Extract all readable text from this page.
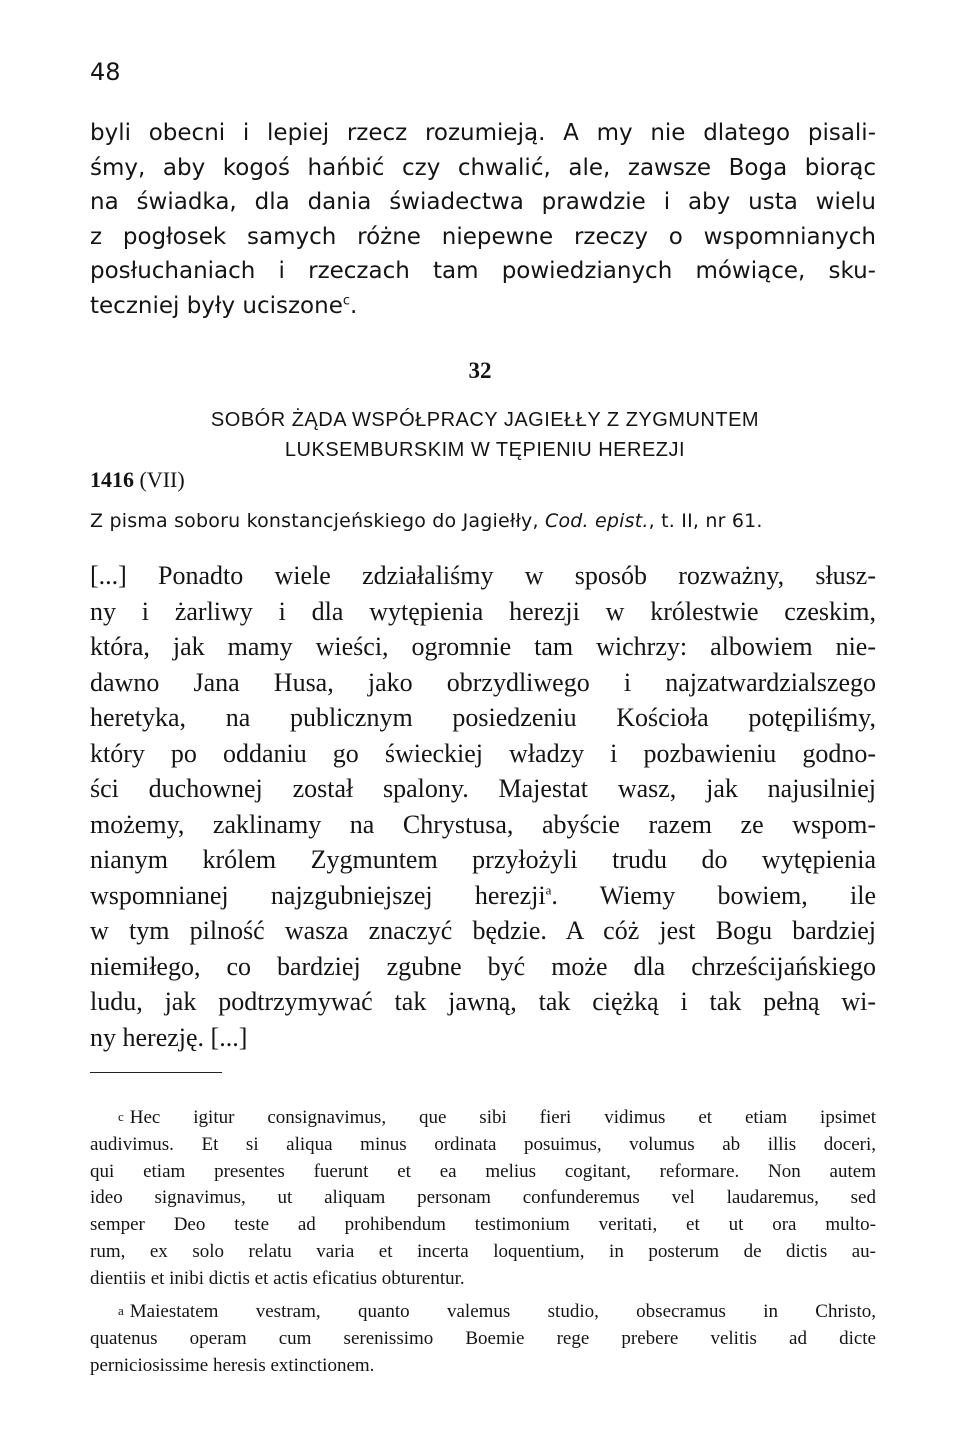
48
byli obecni i lepiej rzecz rozumieją. A my nie dlatego pisali-
śmy, aby kogoś hańbić czy chwalić, ale, zawsze Boga biorąc
na świadka, dla dania świadectwa prawdzie i aby usta wielu
z pogłosek samych różne niepewne rzeczy o wspomnianych
posłuchaniach i rzeczach tam powiedzianych mówiące, sku-
teczniej były uciszone$^c$.
32
SOBÓR ŻĄDA WSPÓŁPRACY JAGIEŁŁY Z ZYGMUNTEM
LUKSEMBURSKIM W TĘPIENIU HEREZJI
1416 (VII)
Z pisma soboru konstancjeńskiego do Jagiełły, Cod. epist., t. II, nr 61.
[...] Ponadto wiele zdziałaliśmy w sposób rozważny, słusz-
ny i żarliwy i dla wytępienia herezji w królestwie czeskim,
która, jak mamy wieści, ogromnie tam wichrzy: albowiem nie-
dawno Jana Husa, jako obrzydliwego i najzatwardzialszego
heretyka, na publicznym posiedzeniu Kościoła potępiliśmy,
który po oddaniu go świeckiej władzy i pozbawieniu godno-
ści duchownej został spalony. Majestat wasz, jak najusilniej
możemy, zaklinamy na Chrystusa, abyście razem ze wspom-
nianym królem Zygmuntem przyłożyli trudu do wytępienia
wspomnianej najzgubniejszej herezji$^a$. Wiemy bowiem, ile
w tym pilność wasza znaczyć będzie. A cóż jest Bogu bardziej
niemiłego, co bardziej zgubne być może dla chrześcijańskiego
ludu, jak podtrzymywać tak jawną, tak ciężką i tak pełną wi-
ny herezję. [...]
c Hec igitur consignavimus, que sibi fieri vidimus et etiam ipsimet
audivimus. Et si aliqua minus ordinata posuimus, volumus ab illis doceri,
qui etiam presentes fuerunt et ea melius cogitant, reformare. Non autem
ideo signavimus, ut aliquam personam confunderemus vel laudaremus, sed
semper Deo teste ad prohibendum testimonium veritati, et ut ora multo-
rum, ex solo relatu varia et incerta loquentium, in posterum de dictis au-
dientiis et inibi dictis et actis eficatius obturentur.
a Maiestatem vestram, quanto valemus studio, obsecramus in Christo,
quatenus operam cum serenissimo Boemie rege prebere velitis ad dicte
perniciosissime heresis extinctionem.
